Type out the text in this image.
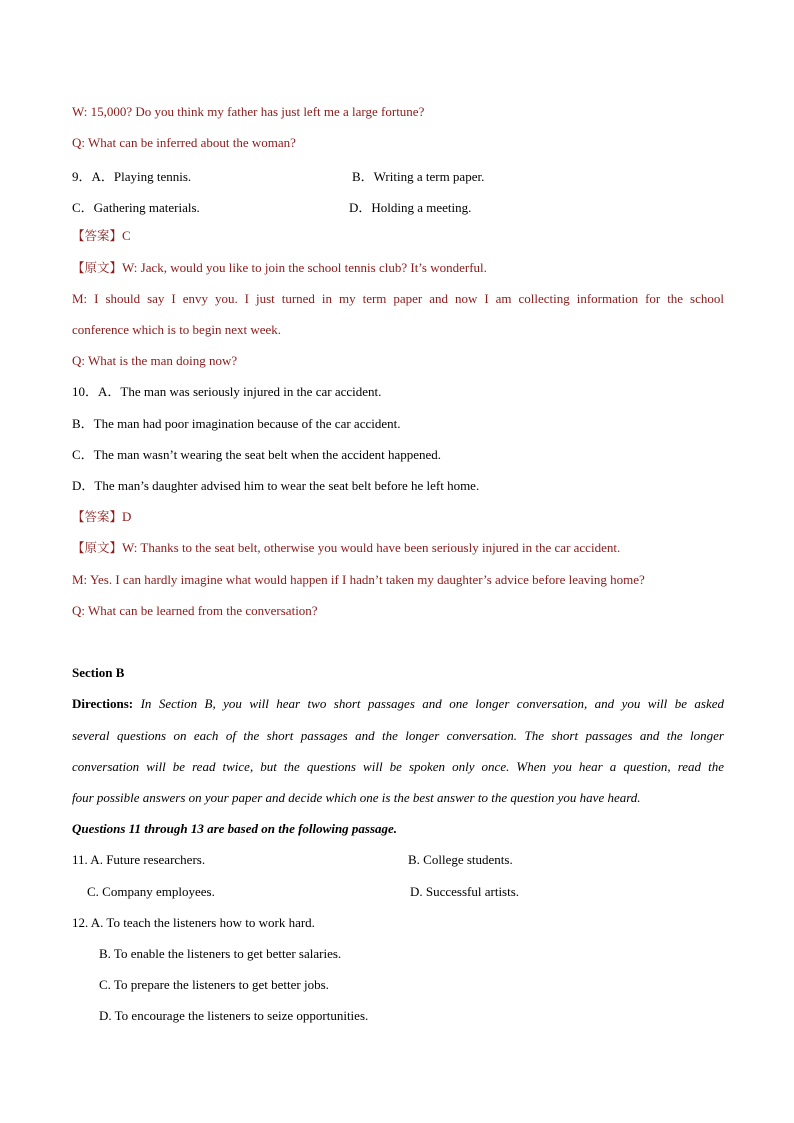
W: 15,000? Do you think my father has just left me a large fortune?
Q: What can be inferred about the woman?
9．A．Playing tennis.	B．Writing a term paper.
C．Gathering materials.	D．Holding a meeting.
【答案】C
【原文】W: Jack, would you like to join the school tennis club? It’s wonderful.
M: I should say I envy you. I just turned in my term paper and now I am collecting information for the school
conference which is to begin next week.
Q: What is the man doing now?
10．A．The man was seriously injured in the car accident.
B．The man had poor imagination because of the car accident.
C．The man wasn’t wearing the seat belt when the accident happened.
D．The man’s daughter advised him to wear the seat belt before he left home.
【答案】D
【原文】W: Thanks to the seat belt, otherwise you would have been seriously injured in the car accident.
M: Yes. I can hardly imagine what would happen if I hadn’t taken my daughter’s advice before leaving home?
Q: What can be learned from the conversation?
Section B
Directions: In Section B, you will hear two short passages and one longer conversation, and you will be asked
several questions on each of the short passages and the longer conversation. The short passages and the longer
conversation will be read twice, but the questions will be spoken only once. When you hear a question, read the
four possible answers on your paper and decide which one is the best answer to the question you have heard.
Questions 11 through 13 are based on the following passage.
11. A. Future researchers.	B. College students.
C. Company employees.	D. Successful artists.
12. A. To teach the listeners how to work hard.
B. To enable the listeners to get better salaries.
C. To prepare the listeners to get better jobs.
D. To encourage the listeners to seize opportunities.
